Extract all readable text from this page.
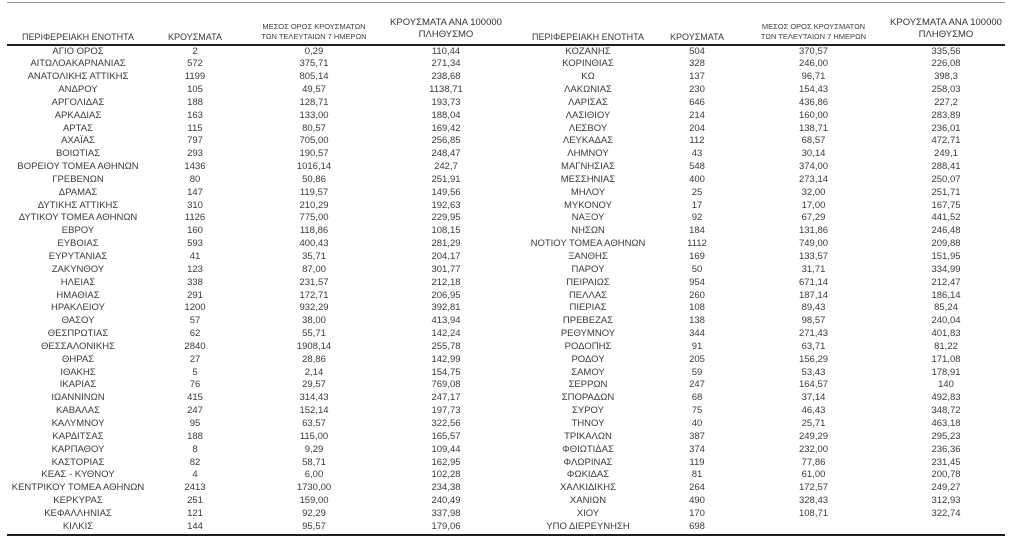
ΠΕΡΙΦΕΡΕΙΑΚΗ ΕΝΟΤΗΤΑ	ΚΡΟΥΣΜΑΤΑ	ΜΕΣΟΣ ΟΡΟΣ ΚΡΟΥΣΜΑΤΩΝ
ΤΩΝ ΤΕΛΕΥΤΑΙΩΝ 7 ΗΜΕΡΩΝ	ΚΡΟΥΣΜΑΤΑ ΑΝΑ 100000
ΠΛΗΘΥΣΜΟ		ΠΕΡΙΦΕΡΕΙΑΚΗ ΕΝΟΤΗΤΑ	ΚΡΟΥΣΜΑΤΑ	ΜΕΣΟΣ ΟΡΟΣ ΚΡΟΥΣΜΑΤΩΝ
ΤΩΝ ΤΕΛΕΥΤΑΙΩΝ 7 ΗΜΕΡΩΝ	ΚΡΟΥΣΜΑΤΑ ΑΝΑ 100000
ΠΛΗΘΥΣΜΟ

ΑΓΙΟ ΟΡΟΣ	2	0,29	110,44		ΚΟΖΑΝΗΣ	504	370,57	335,56
ΑΙΤΩΛΟΑΚΑΡΝΑΝΙΑΣ	572	375,71	271,34		ΚΟΡΙΝΘΙΑΣ	328	246,00	226,08
ΑΝΑΤΟΛΙΚΗΣ ΑΤΤΙΚΗΣ	1199	805,14	238,68		ΚΩ	137	96,71	398,3
ΑΝΔΡΟΥ	105	49,57	1138,71		ΛΑΚΩΝΙΑΣ	230	154,43	258,03
ΑΡΓΟΛΙΔΑΣ	188	128,71	193,73		ΛΑΡΙΣΑΣ	646	436,86	227,2
ΑΡΚΑΔΙΑΣ	163	133,00	188,04		ΛΑΣΙΘΙΟΥ	214	160,00	283,89
ΑΡΤΑΣ	115	80,57	169,42		ΛΕΣΒΟΥ	204	138,71	236,01
ΑΧΑΪΑΣ	797	705,00	256,85		ΛΕΥΚΑΔΑΣ	112	68,57	472,71
ΒΟΙΩΤΙΑΣ	293	190,57	248,47		ΛΗΜΝΟΥ	43	30,14	249,1
ΒΟΡΕΙΟΥ ΤΟΜΕΑ ΑΘΗΝΩΝ	1436	1016,14	242,7		ΜΑΓΝΗΣΙΑΣ	548	374,00	288,41
ΓΡΕΒΕΝΩΝ	80	50,86	251,91		ΜΕΣΣΗΝΙΑΣ	400	273,14	250,07
ΔΡΑΜΑΣ	147	119,57	149,56		ΜΗΛΟΥ	25	32,00	251,71
ΔΥΤΙΚΗΣ ΑΤΤΙΚΗΣ	310	210,29	192,63		ΜΥΚΟΝΟΥ	17	17,00	167,75
ΔΥΤΙΚΟΥ ΤΟΜΕΑ ΑΘΗΝΩΝ	1126	775,00	229,95		ΝΑΞΟΥ	92	67,29	441,52
ΕΒΡΟΥ	160	118,86	108,15		ΝΗΣΩΝ	184	131,86	246,48
ΕΥΒΟΙΑΣ	593	400,43	281,29		ΝΟΤΙΟΥ ΤΟΜΕΑ ΑΘΗΝΩΝ	1112	749,00	209,88
ΕΥΡΥΤΑΝΙΑΣ	41	35,71	204,17		ΞΑΝΘΗΣ	169	133,57	151,95
ΖΑΚΥΝΘΟΥ	123	87,00	301,77		ΠΑΡΟΥ	50	31,71	334,99
ΗΛΕΙΑΣ	338	231,57	212,18		ΠΕΙΡΑΙΩΣ	954	671,14	212,47
ΗΜΑΘΙΑΣ	291	172,71	206,95		ΠΕΛΛΑΣ	260	187,14	186,14
ΗΡΑΚΛΕΙΟΥ	1200	932,29	392,81		ΠΙΕΡΙΑΣ	108	89,43	85,24
ΘΑΣΟΥ	57	38,00	413,94		ΠΡΕΒΕΖΑΣ	138	98,57	240,04
ΘΕΣΠΡΩΤΙΑΣ	62	55,71	142,24		ΡΕΘΥΜΝΟΥ	344	271,43	401,83
ΘΕΣΣΑΛΟΝΙΚΗΣ	2840	1908,14	255,78		ΡΟΔΟΠΗΣ	91	63,71	81,22
ΘΗΡΑΣ	27	28,86	142,99		ΡΟΔΟΥ	205	156,29	171,08
ΙΘΑΚΗΣ	5	2,14	154,75		ΣΑΜΟΥ	59	53,43	178,91
ΙΚΑΡΙΑΣ	76	29,57	769,08		ΣΕΡΡΩΝ	247	164,57	140
ΙΩΑΝΝΙΝΩΝ	415	314,43	247,17		ΣΠΟΡΑΔΩΝ	68	37,14	492,83
ΚΑΒΑΛΑΣ	247	152,14	197,73		ΣΥΡΟΥ	75	46,43	348,72
ΚΑΛΥΜΝΟΥ	95	63,57	322,56		ΤΗΝΟΥ	40	25,71	463,18
ΚΑΡΔΙΤΣΑΣ	188	115,00	165,57		ΤΡΙΚΑΛΩΝ	387	249,29	295,23
ΚΑΡΠΑΘΟΥ	8	9,29	109,44		ΦΘΙΩΤΙΔΑΣ	374	232,00	236,36
ΚΑΣΤΟΡΙΑΣ	82	58,71	162,95		ΦΛΩΡΙΝΑΣ	119	77,86	231,45
ΚΕΑΣ - ΚΥΘΝΟΥ	4	6,00	102,28		ΦΩΚΙΔΑΣ	81	61,00	200,78
ΚΕΝΤΡΙΚΟΥ ΤΟΜΕΑ ΑΘΗΝΩΝ	2413	1730,00	234,38		ΧΑΛΚΙΔΙΚΗΣ	264	172,57	249,27
ΚΕΡΚΥΡΑΣ	251	159,00	240,49		ΧΑΝΙΩΝ	490	328,43	312,93
ΚΕΦΑΛΛΗΝΙΑΣ	121	92,29	337,98		ΧΙΟΥ	170	108,71	322,74
ΚΙΛΚΙΣ	144	95,57	179,06		ΥΠΟ ΔΙΕΡΕΥΝΗΣΗ	698		
